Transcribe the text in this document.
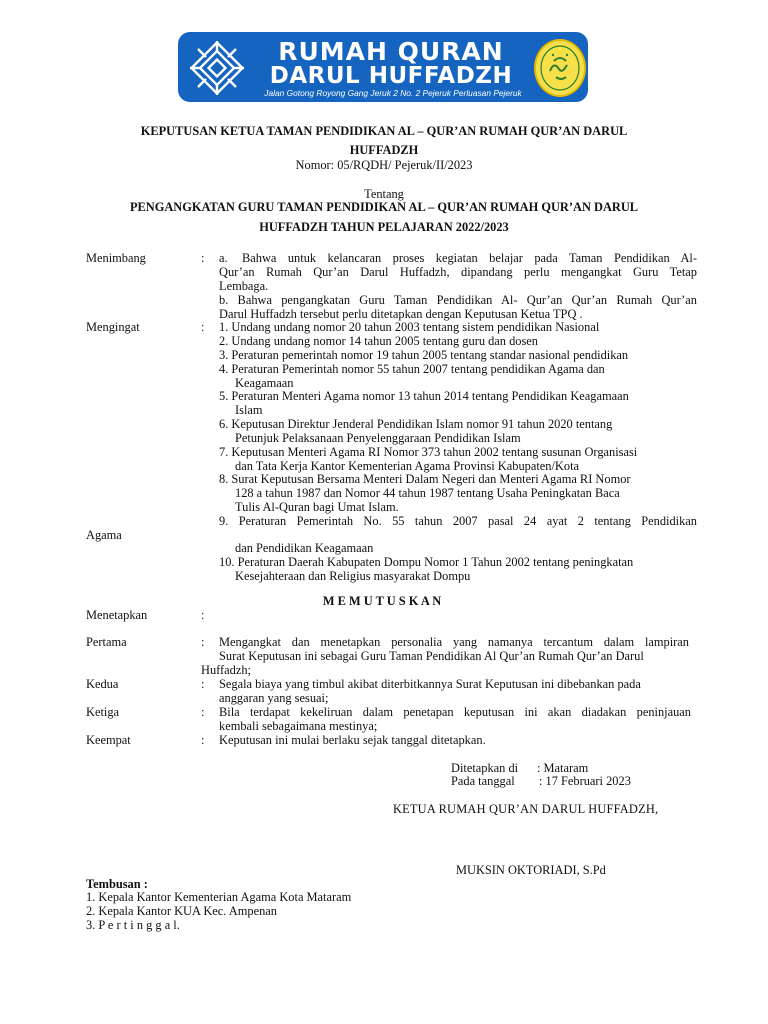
RUMAH QURAN
DARUL HUFFADZH
Jalan Gotong Royong Gang Jeruk 2 No. 2 Pejeruk Perluasan Pejeruk
KEPUTUSAN KETUA TAMAN PENDIDIKAN AL – QUR’AN RUMAH QUR’AN DARUL
HUFFADZH
Nomor: 05/RQDH/ Pejeruk/II/2023
Tentang
PENGANGKATAN GURU TAMAN PENDIDIKAN AL – QUR’AN RUMAH QUR’AN DARUL
HUFFADZH TAHUN PELAJARAN 2022/2023
Menimbang	: a. Bahwa untuk kelancaran proses kegiatan belajar pada Taman Pendidikan Al-
Qur’an Rumah Qur’an Darul Huffadzh, dipandang perlu mengangkat Guru Tetap
Lembaga.
b. Bahwa pengangkatan Guru Taman Pendidikan Al- Qur’an Qur’an Rumah Qur’an
Darul Huffadzh tersebut perlu ditetapkan dengan Keputusan Ketua TPQ .
Mengingat	: 1. Undang undang nomor 20 tahun 2003 tentang sistem pendidikan Nasional
2. Undang undang nomor 14 tahun 2005 tentang guru dan dosen
3. Peraturan pemerintah nomor 19 tahun 2005 tentang standar nasional pendidikan
4. Peraturan Pemerintah nomor 55 tahun 2007 tentang pendidikan Agama dan
Keagamaan
5. Peraturan Menteri Agama nomor 13 tahun 2014 tentang Pendidikan Keagamaan
Islam
6. Keputusan Direktur Jenderal Pendidikan Islam nomor 91 tahun 2020 tentang
Petunjuk Pelaksanaan Penyelenggaraan Pendidikan Islam
7. Keputusan Menteri Agama RI Nomor 373 tahun 2002 tentang susunan Organisasi
dan Tata Kerja Kantor Kementerian Agama Provinsi Kabupaten/Kota
8. Surat Keputusan Bersama Menteri Dalam Negeri dan Menteri Agama RI Nomor
128 a tahun 1987 dan Nomor 44 tahun 1987 tentang Usaha Peningkatan Baca
Tulis Al-Quran bagi Umat Islam.
9. Peraturan Pemerintah No. 55 tahun 2007 pasal 24 ayat 2 tentang Pendidikan
Agama
dan Pendidikan Keagamaan
10. Peraturan Daerah Kabupaten Dompu Nomor 1 Tahun 2002 tentang peningkatan
Kesejahteraan dan Religius masyarakat Dompu
M E M U T U S K A N
Menetapkan	:
Pertama	: Mengangkat dan menetapkan personalia yang namanya tercantum dalam lampiran
Surat Keputusan ini sebagai Guru Taman Pendidikan Al Qur’an Rumah Qur’an Darul
Huffadzh;
Kedua	: Segala biaya yang timbul akibat diterbitkannya Surat Keputusan ini dibebankan pada
anggaran yang sesuai;
Ketiga	: Bila terdapat kekeliruan dalam penetapan keputusan ini akan diadakan peninjauan
kembali sebagaimana mestinya;
Keempat	: Keputusan ini mulai berlaku sejak tanggal ditetapkan.
Ditetapkan di : Mataram
Pada tanggal : 17 Februari 2023
KETUA RUMAH QUR’AN DARUL HUFFADZH,
MUKSIN OKTORIADI, S.Pd
Tembusan :
1. Kepala Kantor Kementerian Agama Kota Mataram
2. Kepala Kantor KUA Kec. Ampenan
3. P e r t i n g g a l.
